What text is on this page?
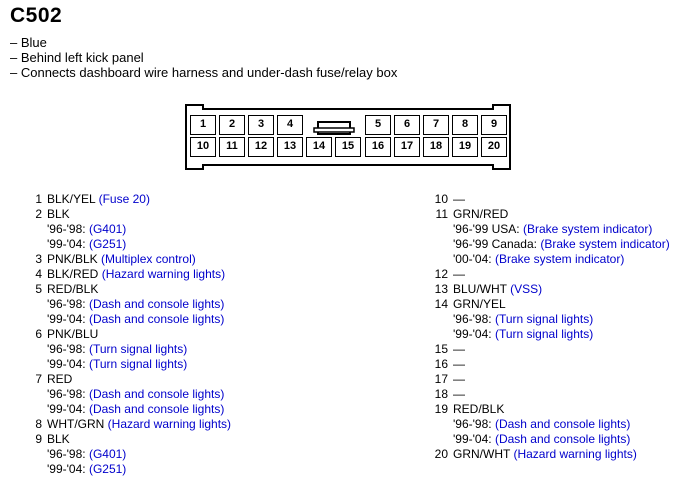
C502
– Blue
– Behind left kick panel
– Connects dashboard wire harness and under-dash fuse/relay box
1	2	3	4	5	6	7	8	9
10	11	12	13	14	15	16	17	18	19	20
1 BLK/YEL (Fuse 20)
2 BLK
'96-'98: (G401)
'99-'04: (G251)
3 PNK/BLK (Multiplex control)
4 BLK/RED (Hazard warning lights)
5 RED/BLK
'96-'98: (Dash and console lights)
'99-'04: (Dash and console lights)
6 PNK/BLU
'96-'98: (Turn signal lights)
'99-'04: (Turn signal lights)
7 RED
'96-'98: (Dash and console lights)
'99-'04: (Dash and console lights)
8 WHT/GRN (Hazard warning lights)
9 BLK
'96-'98: (G401)
'99-'04: (G251)
10 —
11 GRN/RED
'96-'99 USA: (Brake system indicator)
'96-'99 Canada: (Brake system indicator)
'00-'04: (Brake system indicator)
12 —
13 BLU/WHT (VSS)
14 GRN/YEL
'96-'98: (Turn signal lights)
'99-'04: (Turn signal lights)
15 —
16 —
17 —
18 —
19 RED/BLK
'96-'98: (Dash and console lights)
'99-'04: (Dash and console lights)
20 GRN/WHT (Hazard warning lights)
